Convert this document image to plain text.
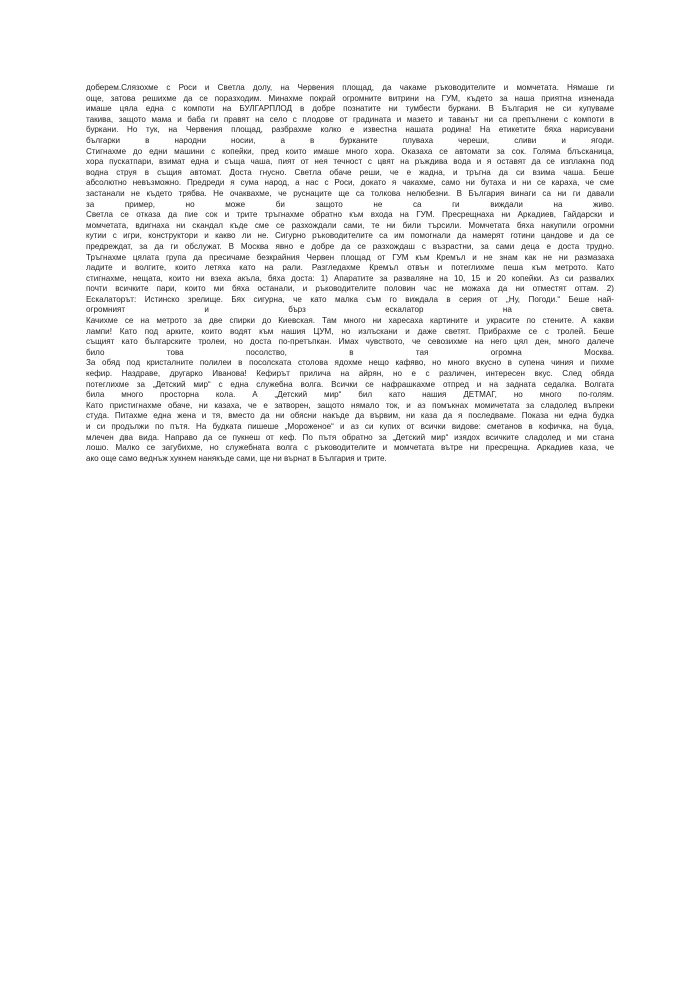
доберем.Слязохме с Роси и Светла долу, на Червения площад, да чакаме ръководителите и момчетата. Нямаше ги
още, затова решихме да се поразходим. Минахме покрай огромните витрини на ГУМ, където за наша приятна изненада
имаше цяла една с компоти на БУЛГАРПЛОД в добре познатите ни тумбести буркани. В България не си купуваме
такива, защото мама и баба ги правят на село с плодове от градината и мазето и таванът ни са препълнени с компоти в
буркани. Но тук, на Червения площад, разбрахме колко е известна нашата родина! На етикетите бяха нарисувани
българки в народни носии, а в бурканите плуваха череши, сливи и ягоди.
Стигнахме до едни машини с копейки, пред които имаше много хора. Оказаха се автомати за сок. Голяма блъсканица,
хора пускатпари, взимат една и съща чаша, пият от нея течност с цвят на ръждива вода и я оставят да се изплакна под
водна струя в същия автомат. Доста гнусно. Светла обаче реши, че е жадна, и тръгна да си взима чаша. Беше
абсолютно невъзможно. Предреди я сума народ, а нас с Роси, докато я чакахме, само ни бутаха и ни се караха, че сме
застанали не където трябва. Не очаквахме, че руснаците ще са толкова нелюбезни. В България винаги са ни ги давали
за пример, но може би защото не са ги виждали на живо.
Светла се отказа да пие сок и трите тръгнахме обратно към входа на ГУМ. Пресрещнаха ни Аркадиев, Гайдарски и
момчетата, вдигнаха ни скандал къде сме се разхождали сами, те ни били търсили. Момчетата бяха накупили огромни
кутии с игри, конструктори и какво ли не. Сигурно ръководителите са им помогнали да намерят готини цандове и да се
предреждат, за да ги обслужат. В Москва явно е добре да се разхождаш с възрастни, за сами деца е доста трудно.
Тръгнахме цялата група да пресичаме безкрайния Червен площад от ГУМ към Кремъл и не знам как не ни размазаха
ладите и волгите, които летяха като на рали. Разгледахме Кремъл отвън и потеглихме пеша към метрото. Като
стигнахме, нещата, които ни взеха акъла, бяха доста: 1) Апаратите за разваляне на 10, 15 и 20 копейки. Аз си развалих
почти всичките пари, които ми бяха останали, и ръководителите половин час не можаха да ни отместят оттам. 2)
Ескалаторът: Истинско зрелище. Бях сигурна, че като малка съм го виждала в серия от „Ну, Погоди.“ Беше най-
огромният и бърз ескалатор на света.
Качихме се на метрото за две спирки до Киевская. Там много ни харесаха картините и украсите по стените. А какви
лампи! Като под арките, които водят към нашия ЦУМ, но излъскани и даже светят. Прибрахме се с тролей. Беше
същият като българските тролеи, но доста по-претъпкан. Имах чувството, че севозихме на него цял ден, много далече
било това посолство, в тая огромна Москва.
За обяд под кристалните полилеи в посолската столова ядохме нещо кафяво, но много вкусно в супена чиния и пихме
кефир. Наздраве, другарко Иванова! Кефирът прилича на айрян, но е с различен, интересен вкус. След обяда
потеглихме за „Детский мир“ с една служебна волга. Всички се нафрашкахме отпред и на задната седалка. Волгата
била много просторна кола. А „Детский мир“ бил като нашия ДЕТМАГ, но много по-голям.
Като пристигнахме обаче, ни казаха, че е затворен, защото нямало ток, и аз помъкнах момичетата за сладолед въпреки
студа. Питахме една жена и тя, вместо да ни обясни накъде да вървим, ни каза да я последваме. Показа ни една будка
и си продължи по пътя. На будката пишеше „Мороженое“ и аз си купих от всички видове: сметанов в кофичка, на буца,
млечен два вида. Направо да се пукнеш от кеф. По пътя обратно за „Детский мир“ изядох всичките сладолед и ми стана
лошо. Малко се загубихме, но служебната волга с ръководителите и момчетата вътре ни пресрещна. Аркадиев каза, че
ако още само веднъж хукнем нанякъде сами, ще ни върнат в България и трите.
